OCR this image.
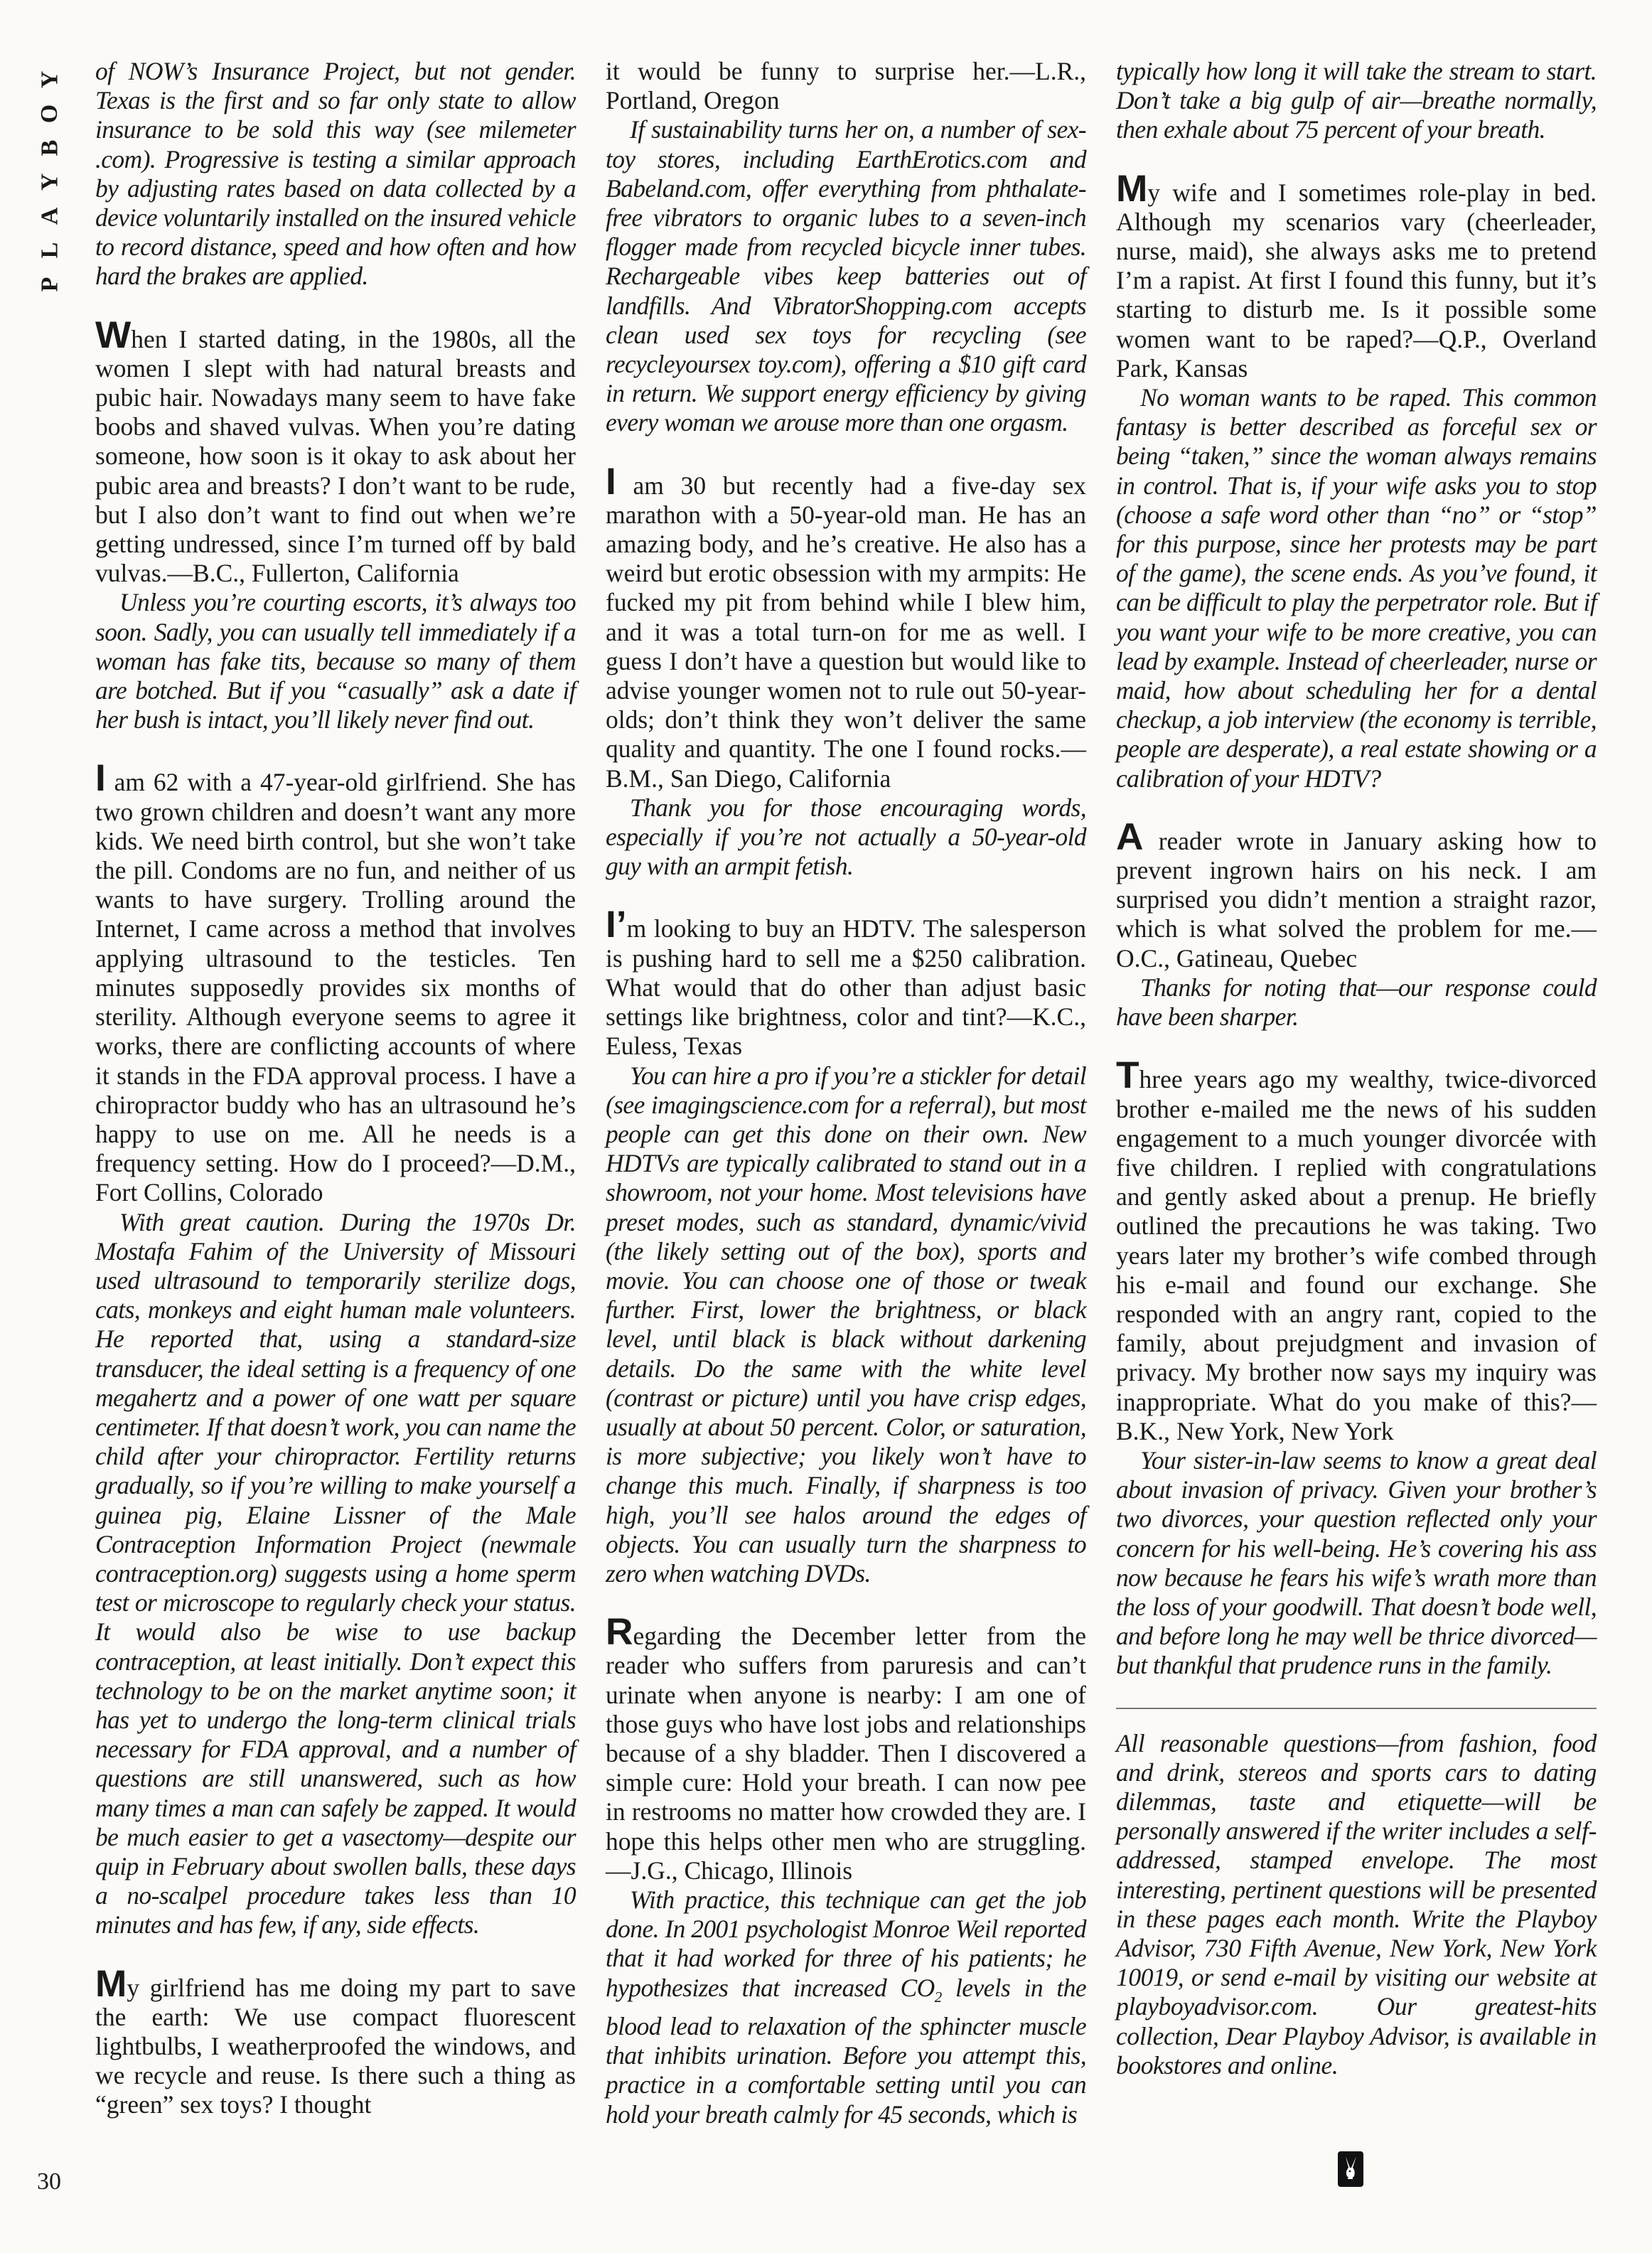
Y
O
B
Y
A
L
P

of NOW’s Insurance Project, but not gender. Texas is the first and so far only state to allow insurance to be sold this way (see milemeter .com). Progressive is testing a similar approach by adjusting rates based on data collected by a device voluntarily installed on the insured vehicle to record distance, speed and how often and how hard the brakes are applied.

When I started dating, in the 1980s, all the women I slept with had natural breasts and pubic hair. Nowadays many seem to have fake boobs and shaved vulvas. When you’re dating someone, how soon is it okay to ask about her pubic area and breasts? I don’t want to be rude, but I also don’t want to find out when we’re getting undressed, since I’m turned off by bald vulvas.—B.C., Fullerton, California

Unless you’re courting escorts, it’s always too soon. Sadly, you can usually tell immediately if a woman has fake tits, because so many of them are botched. But if you “casually” ask a date if her bush is intact, you’ll likely never find out.

I am 62 with a 47-year-old girlfriend. She has two grown children and doesn’t want any more kids. We need birth control, but she won’t take the pill. Condoms are no fun, and neither of us wants to have surgery. Trolling around the Internet, I came across a method that involves applying ultrasound to the testicles. Ten minutes supposedly provides six months of sterility. Although everyone seems to agree it works, there are conflicting accounts of where it stands in the FDA approval process. I have a chiropractor buddy who has an ultrasound he’s happy to use on me. All he needs is a frequency setting. How do I proceed?—D.M., Fort Collins, Colorado

With great caution. During the 1970s Dr. Mostafa Fahim of the University of Missouri used ultrasound to temporarily sterilize dogs, cats, monkeys and eight human male volunteers. He reported that, using a standard-size transducer, the ideal setting is a frequency of one megahertz and a power of one watt per square centimeter. If that doesn’t work, you can name the child after your chiropractor. Fertility returns gradually, so if you’re willing to make yourself a guinea pig, Elaine Lissner of the Male Contraception Information Project (newmale contraception.org) suggests using a home sperm test or microscope to regularly check your status. It would also be wise to use backup contraception, at least initially. Don’t expect this technology to be on the market anytime soon; it has yet to undergo the long-term clinical trials necessary for FDA approval, and a number of questions are still unanswered, such as how many times a man can safely be zapped. It would be much easier to get a vasectomy—despite our quip in February about swollen balls, these days a no-scalpel procedure takes less than 10 minutes and has few, if any, side effects.

My girlfriend has me doing my part to save the earth: We use compact fluorescent lightbulbs, I weatherproofed the windows, and we recycle and reuse. Is there such a thing as “green” sex toys? I thought

it would be funny to surprise her.—L.R., Portland, Oregon

If sustainability turns her on, a number of sex-toy stores, including EarthErotics.com and Babeland.com, offer everything from phthalate-free vibrators to organic lubes to a seven-inch flogger made from recycled bicycle inner tubes. Rechargeable vibes keep batteries out of landfills. And VibratorShopping.com accepts clean used sex toys for recycling (see recycleyoursex toy.com), offering a $10 gift card in return. We support energy efficiency by giving every woman we arouse more than one orgasm.

I am 30 but recently had a five-day sex marathon with a 50-year-old man. He has an amazing body, and he’s creative. He also has a weird but erotic obsession with my armpits: He fucked my pit from behind while I blew him, and it was a total turn-on for me as well. I guess I don’t have a question but would like to advise younger women not to rule out 50-year-olds; don’t think they won’t deliver the same quality and quantity. The one I found rocks.—B.M., San Diego, California

Thank you for those encouraging words, especially if you’re not actually a 50-year-old guy with an armpit fetish.

I’m looking to buy an HDTV. The salesperson is pushing hard to sell me a $250 calibration. What would that do other than adjust basic settings like brightness, color and tint?—K.C., Euless, Texas

You can hire a pro if you’re a stickler for detail (see imagingscience.com for a referral), but most people can get this done on their own. New HDTVs are typically calibrated to stand out in a showroom, not your home. Most televisions have preset modes, such as standard, dynamic/vivid (the likely setting out of the box), sports and movie. You can choose one of those or tweak further. First, lower the brightness, or black level, until black is black without darkening details. Do the same with the white level (contrast or picture) until you have crisp edges, usually at about 50 percent. Color, or saturation, is more subjective; you likely won’t have to change this much. Finally, if sharpness is too high, you’ll see halos around the edges of objects. You can usually turn the sharpness to zero when watching DVDs.

Regarding the December letter from the reader who suffers from paruresis and can’t urinate when anyone is nearby: I am one of those guys who have lost jobs and relationships because of a shy bladder. Then I discovered a simple cure: Hold your breath. I can now pee in restrooms no matter how crowded they are. I hope this helps other men who are struggling.—J.G., Chicago, Illinois

With practice, this technique can get the job done. In 2001 psychologist Monroe Weil reported that it had worked for three of his patients; he hypothesizes that increased $CO_2$ levels in the blood lead to relaxation of the sphincter muscle that inhibits urination. Before you attempt this, practice in a comfortable setting until you can hold your breath calmly for 45 seconds, which is

typically how long it will take the stream to start. Don’t take a big gulp of air—breathe normally, then exhale about 75 percent of your breath.

My wife and I sometimes role-play in bed. Although my scenarios vary (cheerleader, nurse, maid), she always asks me to pretend I’m a rapist. At first I found this funny, but it’s starting to disturb me. Is it possible some women want to be raped?—Q.P., Overland Park, Kansas

No woman wants to be raped. This common fantasy is better described as forceful sex or being “taken,” since the woman always remains in control. That is, if your wife asks you to stop (choose a safe word other than “no” or “stop” for this purpose, since her protests may be part of the game), the scene ends. As you’ve found, it can be difficult to play the perpetrator role. But if you want your wife to be more creative, you can lead by example. Instead of cheerleader, nurse or maid, how about scheduling her for a dental checkup, a job interview (the economy is terrible, people are desperate), a real estate showing or a calibration of your HDTV?

A reader wrote in January asking how to prevent ingrown hairs on his neck. I am surprised you didn’t mention a straight razor, which is what solved the problem for me.—O.C., Gatineau, Quebec

Thanks for noting that—our response could have been sharper.

Three years ago my wealthy, twice-divorced brother e-mailed me the news of his sudden engagement to a much younger divorcée with five children. I replied with congratulations and gently asked about a prenup. He briefly outlined the precautions he was taking. Two years later my brother’s wife combed through his e-mail and found our exchange. She responded with an angry rant, copied to the family, about prejudgment and invasion of privacy. My brother now says my inquiry was inappropriate. What do you make of this?—B.K., New York, New York

Your sister-in-law seems to know a great deal about invasion of privacy. Given your brother’s two divorces, your question reflected only your concern for his well-being. He’s covering his ass now because he fears his wife’s wrath more than the loss of your goodwill. That doesn’t bode well, and before long he may well be thrice divorced—but thankful that prudence runs in the family.

All reasonable questions—from fashion, food and drink, stereos and sports cars to dating dilemmas, taste and etiquette—will be personally answered if the writer includes a self-addressed, stamped envelope. The most interesting, pertinent questions will be presented in these pages each month. Write the Playboy Advisor, 730 Fifth Avenue, New York, New York 10019, or send e-mail by visiting our website at playboyadvisor.com. Our greatest-hits collection, Dear Playboy Advisor, is available in bookstores and online.

30
